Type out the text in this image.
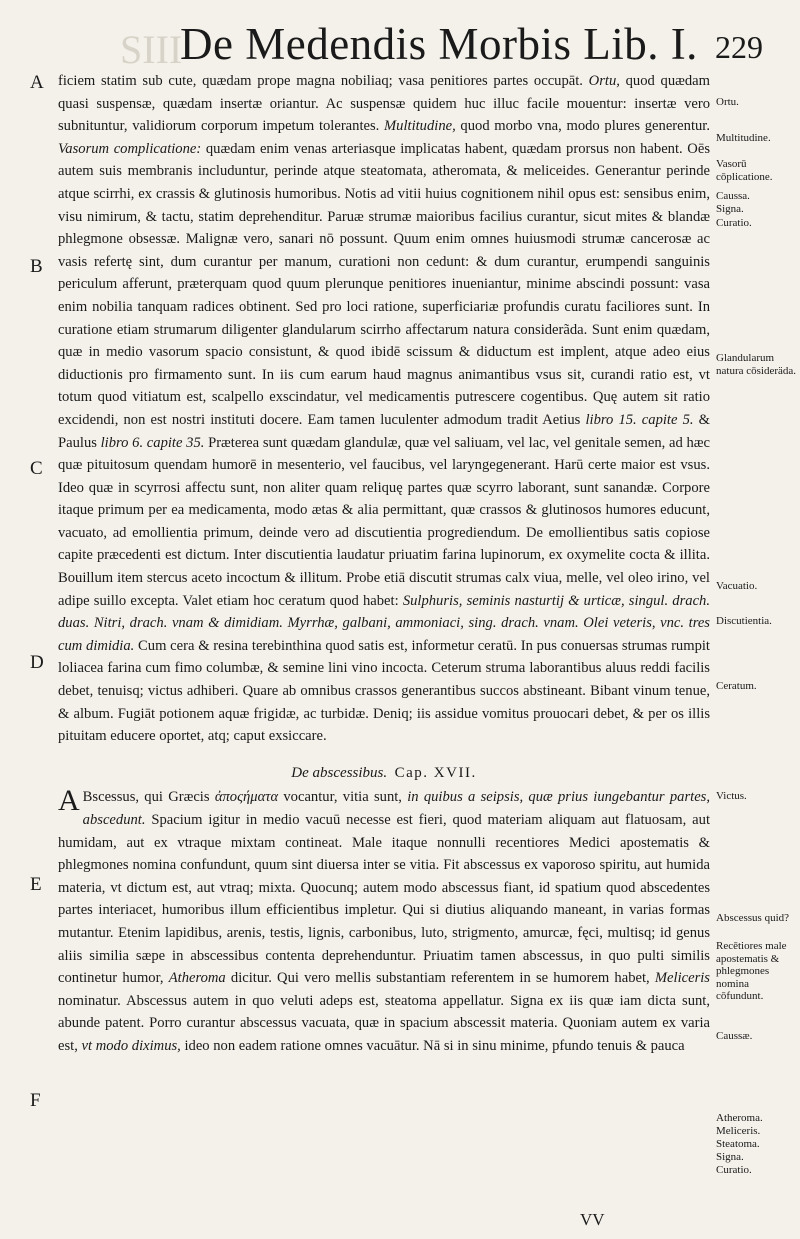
SIII
De Medendis Morbis Lib. I. 229
A
B
C
D
E
F
Ortu.
Multitudine.
Vasorū cōplicatione.
Caussa.
Signa.
Curatio.
Glandularum natura cōsideräda.
Vacuatio.
Discutientia.
Ceratum.
Victus.
Abscessus quid?
Recētiores male apostematis & phlegmones nomina cōfundunt.
Caussæ.
Atheroma.
Meliceris.
Steatoma.
Signa.
Curatio.

ficiem statim sub cute, quædam prope magna nobiliaq; vasa penitiores partes occupāt. Ortu, quod quædam quasi suspensæ, quædam insertæ oriantur. Ac suspensæ quidem huc illuc facile mouentur: insertæ vero subnituntur, validiorum corporum impetum tolerantes. Multitudine, quod morbo vna, modo plures generentur. Vasorum complicatione: quædam enim venas arteriasque implicatas habent, quædam prorsus non habent. Oēs autem suis membranis includuntur, perinde atque steatomata, atheromata, & meliceides. Generantur perinde atque scirrhi, ex crassis & glutinosis humoribus. Notis ad vitii huius cognitionem nihil opus est: sensibus enim, visu nimirum, & tactu, statim deprehenditur. Paruæ strumæ maioribus facilius curantur, sicut mites & blandæ phlegmone obsessæ. Malignæ vero, sanari nō possunt. Quum enim omnes huiusmodi strumæ cancerosæ ac vasis refertę sint, dum curantur per manum, curationi non cedunt: & dum curantur, erumpendi sanguinis periculum afferunt, præterquam quod quum plerunque penitiores inueniantur, minime abscindi possunt: vasa enim nobilia tanquam radices obtinent. Sed pro loci ratione, superficiariæ profundis curatu faciliores sunt. In curatione etiam strumarum diligenter glandularum scirrho affectarum natura considerãda. Sunt enim quædam, quæ in medio vasorum spacio consistunt, & quod ibidē scissum & diductum est implent, atque adeo eius diductionis pro firmamento sunt. In iis cum earum haud magnus animantibus vsus sit, curandi ratio est, vt totum quod vitiatum est, scalpello exscindatur, vel medicamentis putrescere cogentibus. Quę autem sit ratio excidendi, non est nostri instituti docere. Eam tamen luculenter admodum tradit Aetius libro 15. capite 5. & Paulus libro 6. capite 35. Præterea sunt quædam glandulæ, quæ vel saliuam, vel lac, vel genitale semen, ad hæc quæ pituitosum quendam humorē in mesenterio, vel faucibus, vel laryngegenerant. Harū certe maior est vsus. Ideo quæ in scyrrosi affectu sunt, non aliter quam reliquę partes quæ scyrro laborant, sunt sanandæ. Corpore itaque primum per ea medicamenta, modo ætas & alia permittant, quæ crassos & glutinosos humores educunt, vacuato, ad emollientia primum, deinde vero ad discutientia progrediendum. De emollientibus satis copiose capite præcedenti est dictum. Inter discutientia laudatur priuatim farina lupinorum, ex oxymelite cocta & illita. Bouillum item stercus aceto incoctum & illitum. Probe etiā discutit strumas calx viua, melle, vel oleo irino, vel adipe suillo excepta. Valet etiam hoc ceratum quod habet: Sulphuris, seminis nasturtij & urticæ, singul. drach. duas. Nitri, drach. vnam & dimidiam. Myrrhæ, galbani, ammoniaci, sing. drach. vnam. Olei veteris, vnc. tres cum dimidia. Cum cera & resina terebinthina quod satis est, informetur ceratū. In pus conuersas strumas rumpit loliacea farina cum fimo columbæ, & semine lini vino incocta. Ceterum struma laborantibus aluus reddi facilis debet, tenuisq; victus adhiberi. Quare ab omnibus crassos generantibus succos abstineant. Bibant vinum tenue, & album. Fugiāt potionem aquæ frigidæ, ac turbidæ. Deniq; iis assidue vomitus prouocari debet, & per os illis pituitam educere oportet, atq; caput exsiccare.

De abscessibus. Cap. XVII.

A Bscessus, qui Græcis ἀποςήματα vocantur, vitia sunt, in quibus a seipsis, quæ prius iungebantur partes, abscedunt. Spacium igitur in medio vacuū necesse est fieri, quod materiam aliquam aut flatuosam, aut humidam, aut ex vtraque mixtam contineat. Male itaque nonnulli recentiores Medici apostematis & phlegmones nomina confundunt, quum sint diuersa inter se vitia. Fit abscessus ex vaporoso spiritu, aut humida materia, vt dictum est, aut vtraq; mixta. Quocunq; autem modo abscessus fiant, id spatium quod abscedentes partes interiacet, humoribus illum efficientibus impletur. Qui si diutius aliquando maneant, in varias formas mutantur. Etenim lapidibus, arenis, testis, lignis, carbonibus, luto, strigmento, amurcæ, fęci, multisq; id genus aliis similia sæpe in abscessibus contenta deprehenduntur. Priuatim tamen abscessus, in quo pulti similis continetur humor, Atheroma dicitur. Qui vero mellis substantiam referentem in se humorem habet, Meliceris nominatur. Abscessus autem in quo veluti adeps est, steatoma appellatur. Signa ex iis quæ iam dicta sunt, abunde patent. Porro curantur abscessus vacuata, quæ in spacium abscessit materia. Quoniam autem ex varia est, vt modo diximus, ideo non eadem ratione omnes vacuātur. Nā si in sinu minime, pfundo tenuis & pauca

VV
